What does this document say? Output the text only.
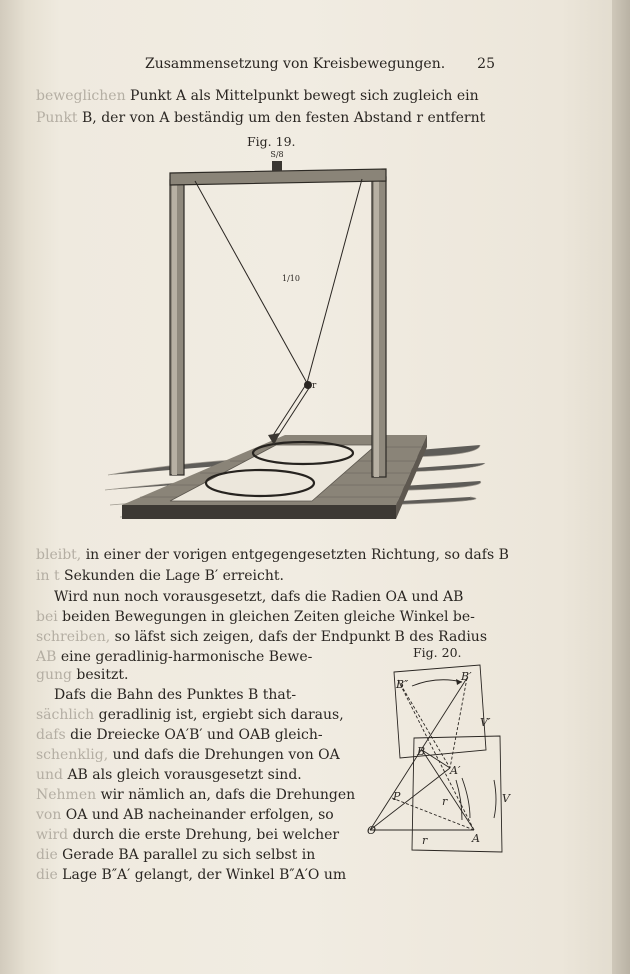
Zusammensetzung von Kreisbewegungen. 25
beweglichen Punkt A als Mittelpunkt bewegt sich zugleich ein
Punkt B, der von A beständig um den festen Abstand r entfernt
Fig. 19.
S/8
r
1/10
bleibt, in einer der vorigen entgegengesetzten Richtung, so dafs B
in t Sekunden die Lage B′ erreicht.
Wird nun noch vorausgesetzt, dafs die Radien OA und AB
bei beiden Bewegungen in gleichen Zeiten gleiche Winkel be-
schreiben, so läfst sich zeigen, dafs der Endpunkt B des Radius
AB eine geradlinig-harmonische Bewe-
gung besitzt.
Dafs die Bahn des Punktes B that-
sächlich geradlinig ist, ergiebt sich daraus,
dafs die Dreiecke OA′B′ und OAB gleich-
schenklig, und dafs die Drehungen von OA
und AB als gleich vorausgesetzt sind.
Nehmen wir nämlich an, dafs die Drehungen
von OA und AB nacheinander erfolgen, so
wird durch die erste Drehung, bei welcher
die Gerade BA parallel zu sich selbst in
die Lage B″A′ gelangt, der Winkel B″A′O um
Fig. 20.
B″
B′
V′
B
A′
P	V
r
O
r	A
